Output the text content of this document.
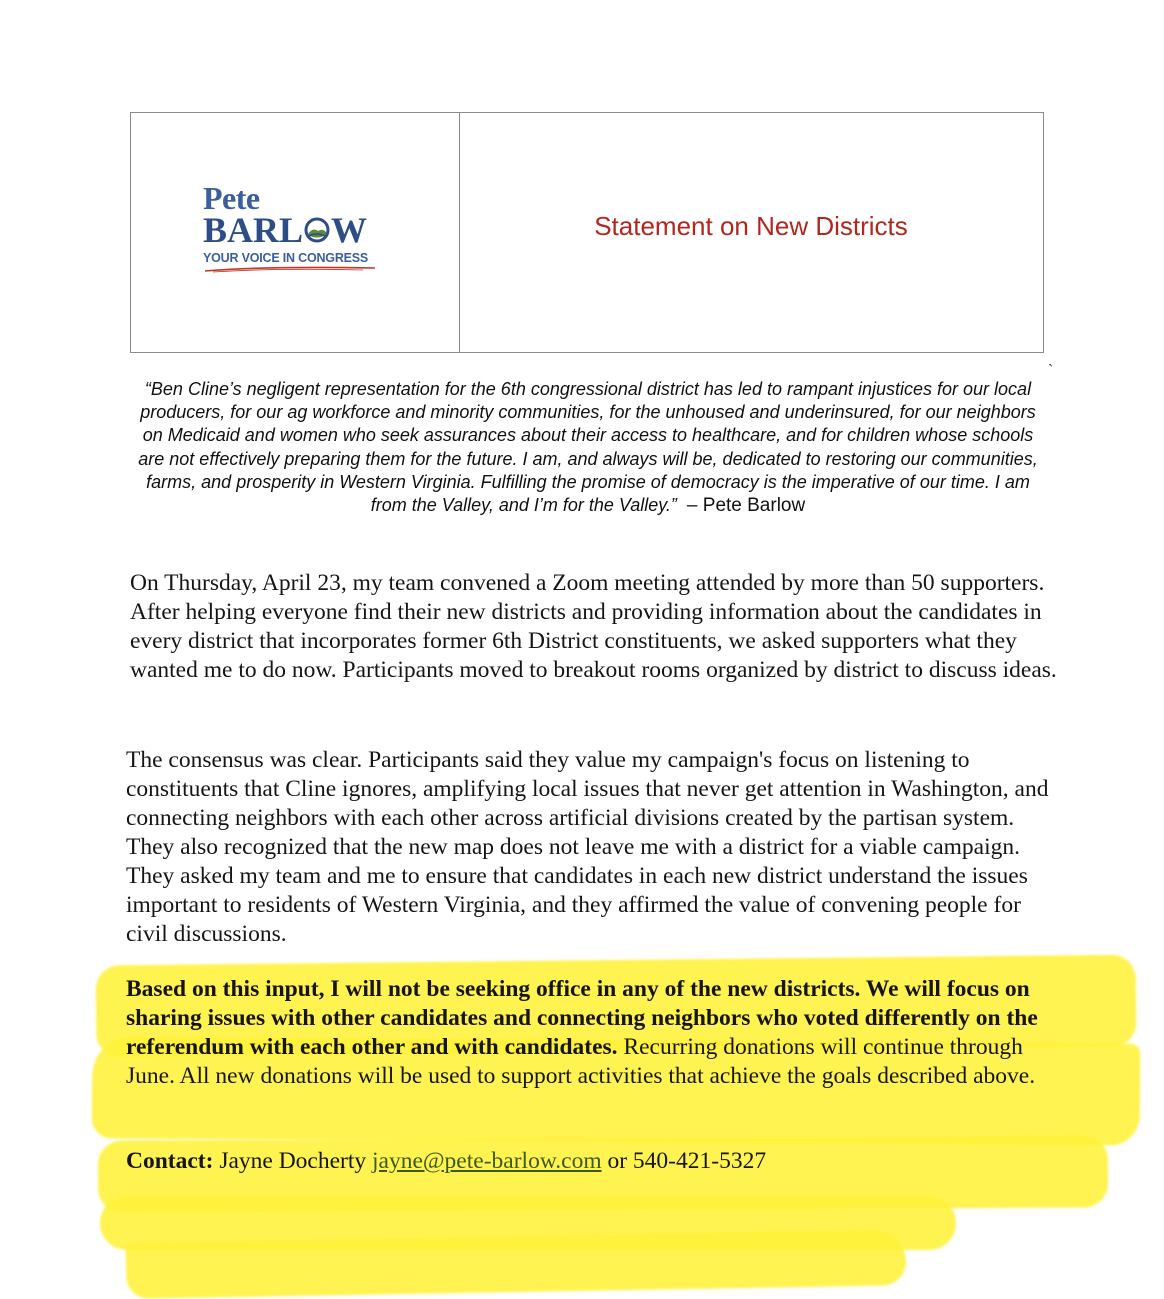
Pete
BARL W
YOUR VOICE IN CONGRESS
Statement on New Districts
`
“Ben Cline’s negligent representation for the 6th congressional district has led to rampant injustices for our local producers, for our ag workforce and minority communities, for the unhoused and underinsured, for our neighbors on Medicaid and women who seek assurances about their access to healthcare, and for children whose schools are not effectively preparing them for the future. I am, and always will be, dedicated to restoring our communities, farms, and prosperity in Western Virginia. Fulfilling the promise of democracy is the imperative of our time. I am from the Valley, and I’m for the Valley.” – Pete Barlow
On Thursday, April 23, my team convened a Zoom meeting attended by more than 50 supporters. After helping everyone find their new districts and providing information about the candidates in every district that incorporates former 6th District constituents, we asked supporters what they wanted me to do now. Participants moved to breakout rooms organized by district to discuss ideas.
The consensus was clear. Participants said they value my campaign's focus on listening to constituents that Cline ignores, amplifying local issues that never get attention in Washington, and connecting neighbors with each other across artificial divisions created by the partisan system. They also recognized that the new map does not leave me with a district for a viable campaign. They asked my team and me to ensure that candidates in each new district understand the issues important to residents of Western Virginia, and they affirmed the value of convening people for civil discussions.
Based on this input, I will not be seeking office in any of the new districts. We will focus on sharing issues with other candidates and connecting neighbors who voted differently on the referendum with each other and with candidates. Recurring donations will continue through June. All new donations will be used to support activities that achieve the goals described above.
Contact: Jayne Docherty jayne@pete-barlow.com or 540-421-5327
